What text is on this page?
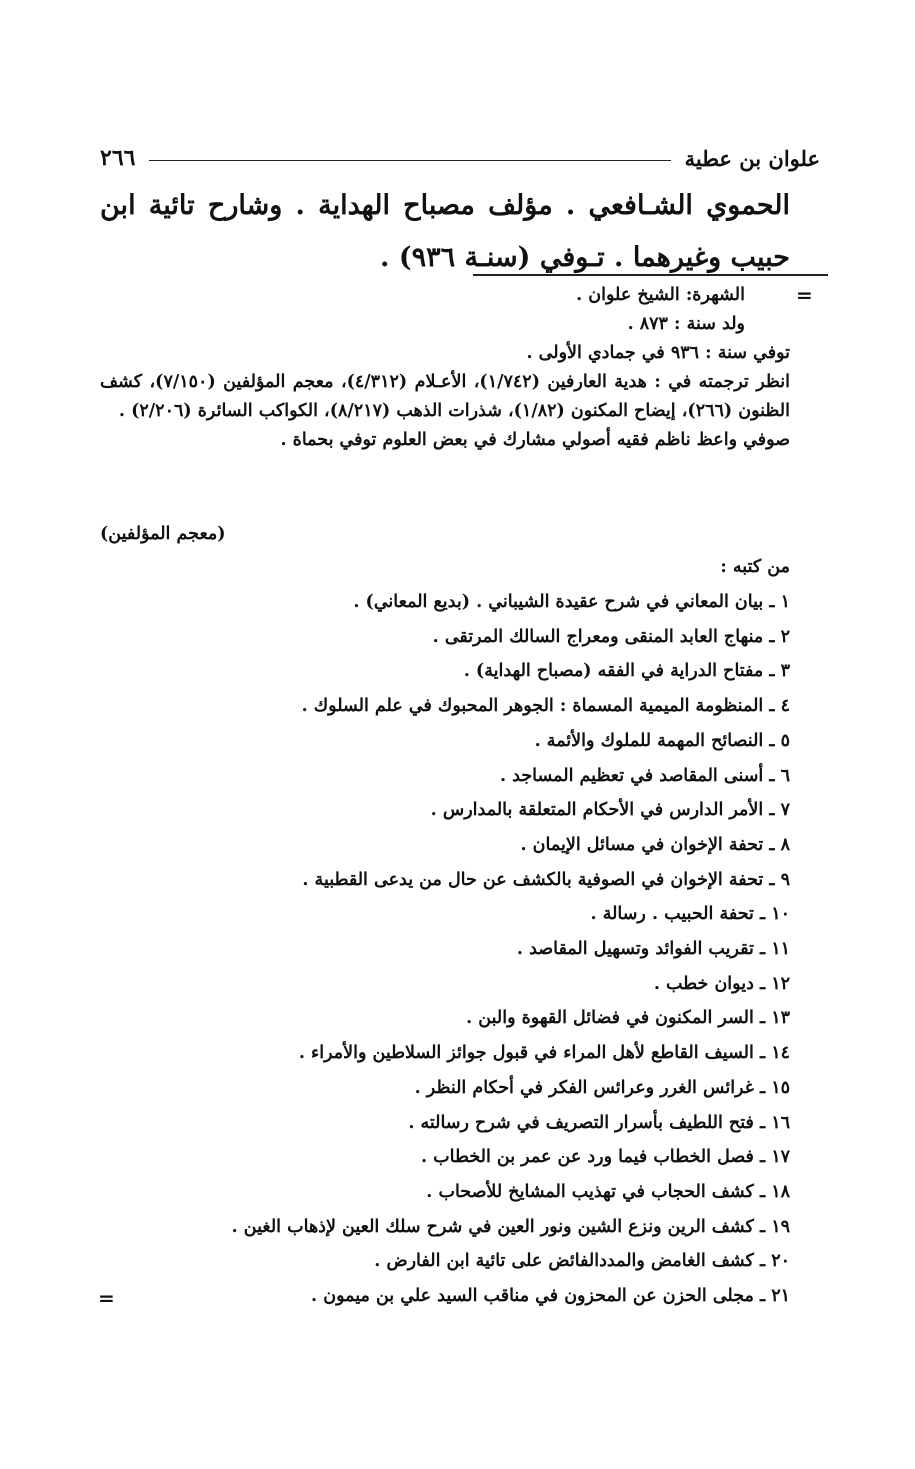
علوان بن عطية
٢٦٦
الحموي الشـافعي . مؤلف مصباح الهداية . وشارح تائية ابن حبيب وغيرهما . تـوفي (سنـة ٩٣٦) .
=
الشهرة: الشيخ علوان .
ولد سنة : ٨٧٣ .
توفي سنة : ٩٣٦ في جمادي الأولى .
انظر ترجمته في : هدية العارفين (١/٧٤٢)، الأعـلام (٤/٣١٢)، معجم المؤلفين (٧/١٥٠)، كشف الظنون (٢٦٦)، إيضاح المكنون (١/٨٢)، شذرات الذهب (٨/٢١٧)، الكواكب السائرة (٢/٢٠٦) .
صوفي واعظ ناظم فقيه أصولي مشارك في بعض العلوم توفي بحماة .
(معجم المؤلفين)
من كتبه :
١ ـ بيان المعاني في شرح عقيدة الشيباني . (بديع المعاني) .
٢ ـ منهاج العابد المنقى ومعراج السالك المرتقى .
٣ ـ مفتاح الدراية في الفقه (مصباح الهداية) .
٤ ـ المنظومة الميمية المسماة : الجوهر المحبوك في علم السلوك .
٥ ـ النصائح المهمة للملوك والأئمة .
٦ ـ أسنى المقاصد في تعظيم المساجد .
٧ ـ الأمر الدارس في الأحكام المتعلقة بالمدارس .
٨ ـ تحفة الإخوان في مسائل الإيمان .
٩ ـ تحفة الإخوان في الصوفية بالكشف عن حال من يدعى القطبية .
١٠ ـ تحفة الحبيب . رسالة .
١١ ـ تقريب الفوائد وتسهيل المقاصد .
١٢ ـ ديوان خطب .
١٣ ـ السر المكنون في فضائل القهوة والبن .
١٤ ـ السيف القاطع لأهل المراء في قبول جوائز السلاطين والأمراء .
١٥ ـ غرائس الغرر وعرائس الفكر في أحكام النظر .
١٦ ـ فتح اللطيف بأسرار التصريف في شرح رسالته .
١٧ ـ فصل الخطاب فيما ورد عن عمر بن الخطاب .
١٨ ـ كشف الحجاب في تهذيب المشايخ للأصحاب .
١٩ ـ كشف الرين ونزع الشين ونور العين في شرح سلك العين لإذهاب الغين .
٢٠ ـ كشف الغامض والمددالفائض على تائية ابن الفارض .
٢١ ـ مجلى الحزن عن المحزون في مناقب السيد علي بن ميمون .
=
